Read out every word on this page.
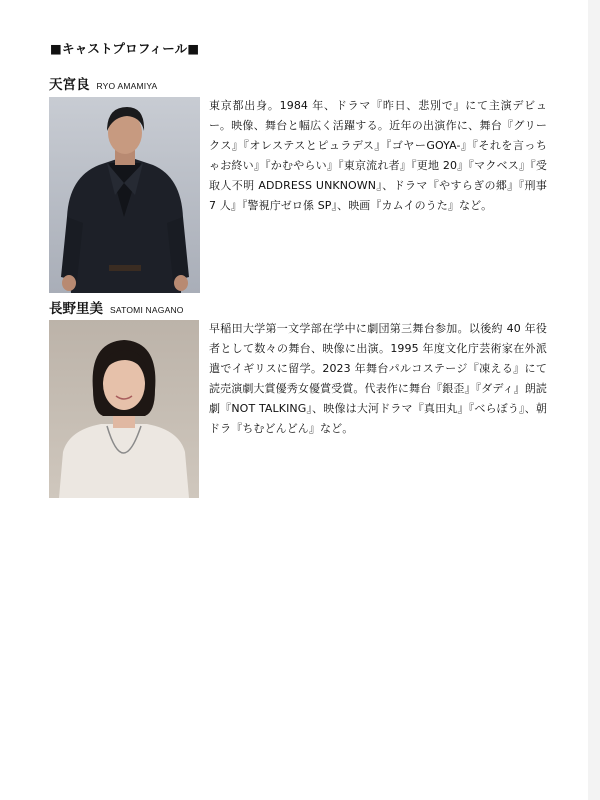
■キャストプロフィール■
天宮良 RYO AMAMIYA
東京都出身。1984 年、ドラマ『昨日、悲別で』にて主演デビュー。映像、舞台と幅広く活躍する。近年の出演作に、舞台『グリークス』『オレステスとピュラデス』『ゴヤーGOYA-』『それを言っちゃお終い』『かむやらい』『東京流れ者』『更地 20』『マクベス』『受取人不明 ADDRESS UNKNOWN』、ドラマ『やすらぎの郷』『刑事 7 人』『警視庁ゼロ係 SP』、映画『カムイのうた』など。
長野里美 SATOMI NAGANO
早稲田大学第一文学部在学中に劇団第三舞台参加。以後約 40 年役者として数々の舞台、映像に出演。1995 年度文化庁芸術家在外派遣でイギリスに留学。2023 年舞台パルコステージ『凍える』にて読売演劇大賞優秀女優賞受賞。代表作に舞台『銀歪』『ダディ』朗読劇『NOT TALKING』、映像は大河ドラマ『真田丸』『べらぼう』、朝ドラ『ちむどんどん』など。
